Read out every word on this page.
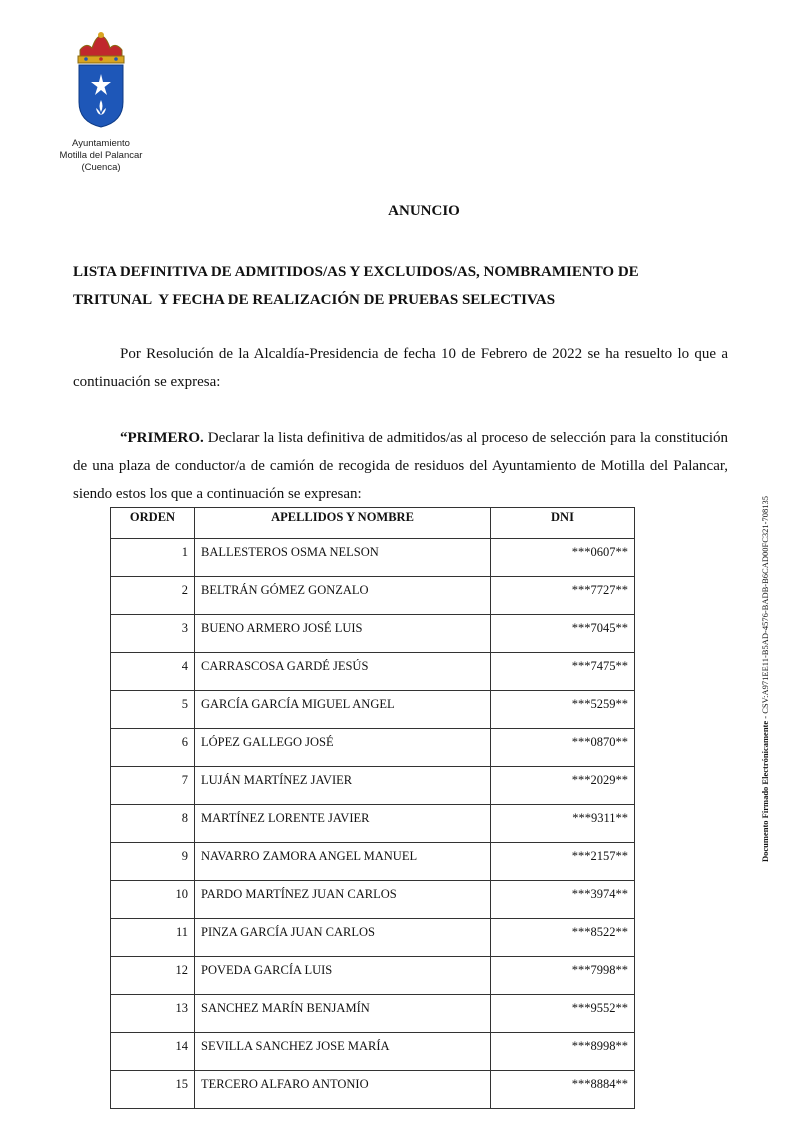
Ayuntamiento
Motilla del Palancar
(Cuenca)
ANUNCIO
LISTA DEFINITIVA DE ADMITIDOS/AS Y EXCLUIDOS/AS, NOMBRAMIENTO DE
TRITUNAL  Y FECHA DE REALIZACIÓN DE PRUEBAS SELECTIVAS
Por Resolución de la Alcaldía-Presidencia de fecha 10 de Febrero de 2022 se ha resuelto lo que a continuación se expresa:
“PRIMERO. Declarar la lista definitiva de admitidos/as al proceso de selección para la constitución de una plaza de conductor/a de camión de recogida de residuos del Ayuntamiento de Motilla del Palancar, siendo estos los que a continuación se expresan:
ORDEN	APELLIDOS Y NOMBRE	DNI
1	BALLESTEROS OSMA NELSON	***0607**
2	BELTRÁN GÓMEZ GONZALO	***7727**
3	BUENO ARMERO JOSÉ LUIS	***7045**
4	CARRASCOSA GARDÉ JESÚS	***7475**
5	GARCÍA GARCÍA MIGUEL ANGEL	***5259**
6	LÓPEZ GALLEGO JOSÉ	***0870**
7	LUJÁN MARTÍNEZ JAVIER	***2029**
8	MARTÍNEZ LORENTE JAVIER	***9311**
9	NAVARRO ZAMORA ANGEL MANUEL	***2157**
10	PARDO MARTÍNEZ JUAN CARLOS	***3974**
11	PINZA GARCÍA JUAN CARLOS	***8522**
12	POVEDA GARCÍA LUIS	***7998**
13	SANCHEZ MARÍN BENJAMÍN	***9552**
14	SEVILLA SANCHEZ JOSE MARÍA	***8998**
15	TERCERO ALFARO ANTONIO	***8884**
Documento Firmado Electrónicamente - CSV:A971EE11-B5AD-4576-BADB-B6CAD00FC321-708135
